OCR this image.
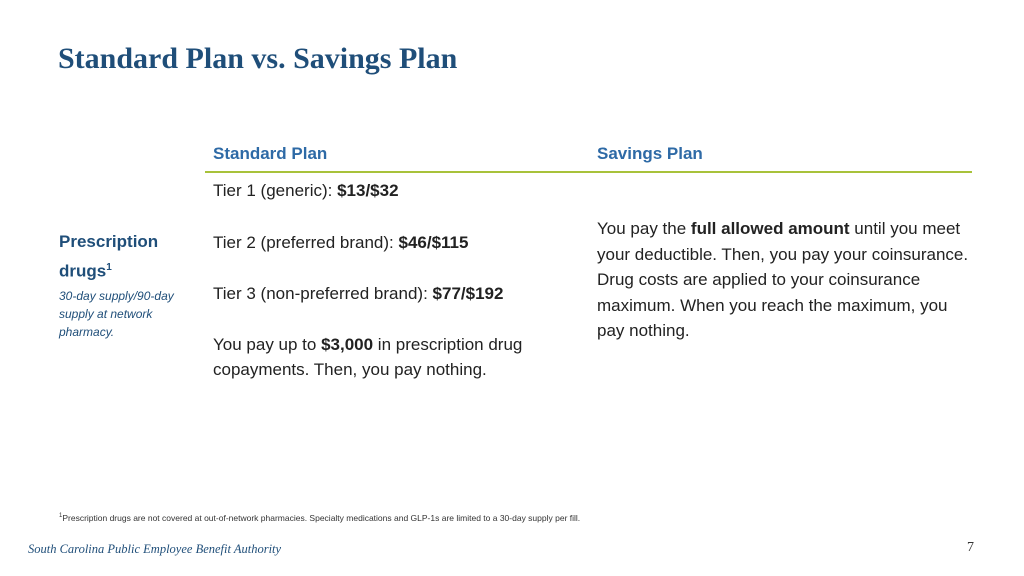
Standard Plan vs. Savings Plan
Standard Plan	Savings Plan
Prescription drugs$^1$
30-day supply/90-day supply at network pharmacy.
Tier 1 (generic): $13/$32
Tier 2 (preferred brand): $46/$115
Tier 3 (non-preferred brand): $77/$192
You pay up to $3,000 in prescription drug
copayments. Then, you pay nothing.
You pay the full allowed amount until you meet your deductible. Then, you pay your coinsurance. Drug costs are applied to your coinsurance maximum. When you reach the maximum, you pay nothing.
$^1$Prescription drugs are not covered at out-of-network pharmacies. Specialty medications and GLP-1s are limited to a 30-day supply per fill.
South Carolina Public Employee Benefit Authority	7
